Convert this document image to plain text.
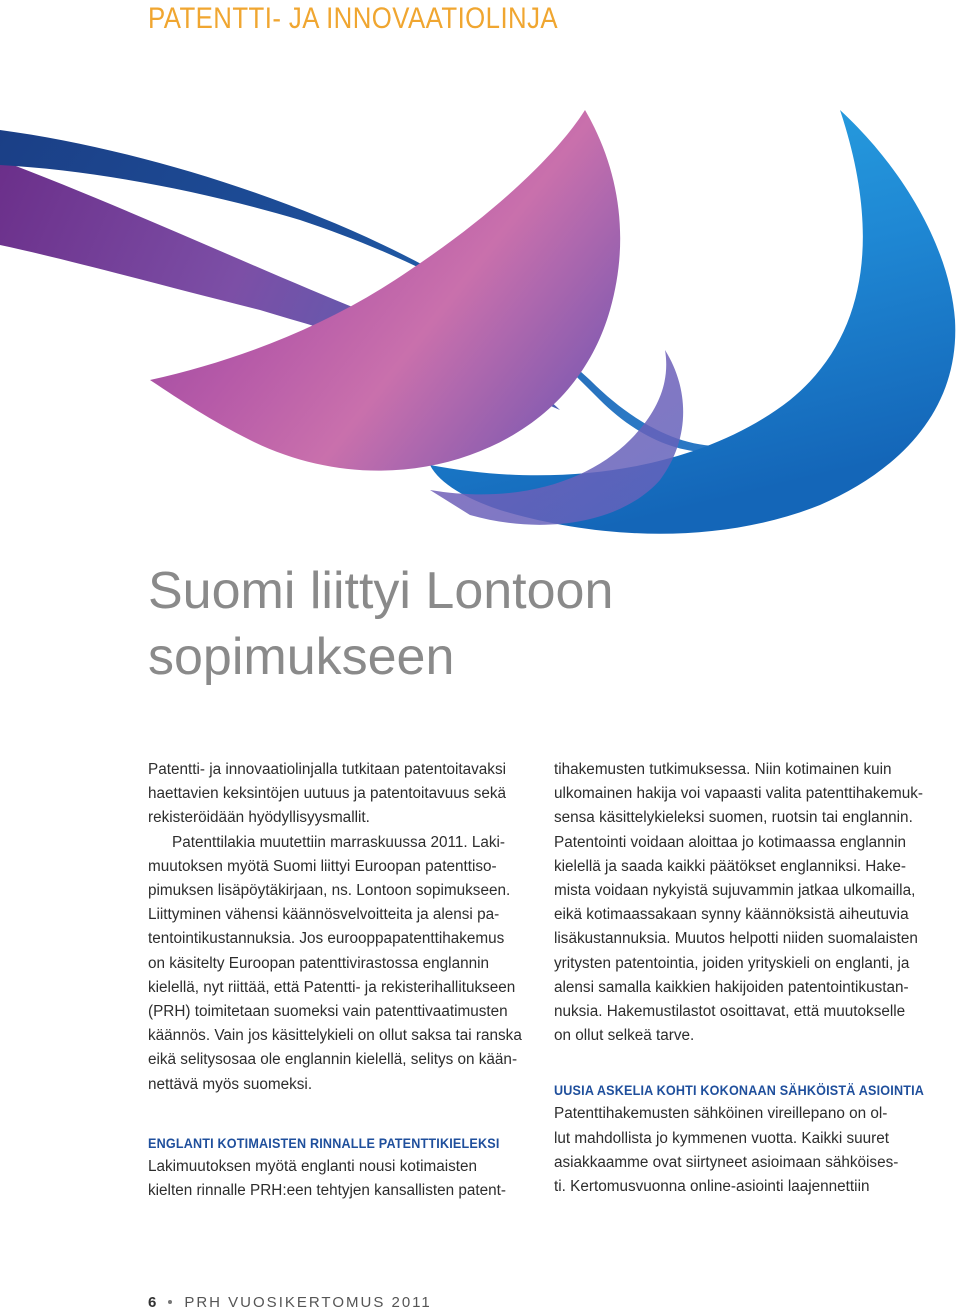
PATENTTI- JA INNOVAATIOLINJA
Suomi liittyi Lontoon
sopimukseen

Patentti- ja innovaatiolinjalla tutkitaan patentoitavaksi
haettavien keksintöjen uutuus ja patentoitavuus sekä
rekisteröidään hyödyllisyysmallit.
Patenttilakia muutettiin marraskuussa 2011. Laki-
muutoksen myötä Suomi liittyi Euroopan patenttiso-
pimuksen lisäpöytäkirjaan, ns. Lontoon sopimukseen.
Liittyminen vähensi käännösvelvoitteita ja alensi pa-
tentointikustannuksia. Jos eurooppapatenttihakemus
on käsitelty Euroopan patenttivirastossa englannin
kielellä, nyt riittää, että Patentti- ja rekisterihallitukseen
(PRH) toimitetaan suomeksi vain patenttivaatimusten
käännös. Vain jos käsittelykieli on ollut saksa tai ranska
eikä selitysosaa ole englannin kielellä, selitys on kään-
nettävä myös suomeksi.

ENGLANTI KOTIMAISTEN RINNALLE PATENTTIKIELEKSI

Lakimuutoksen myötä englanti nousi kotimaisten
kielten rinnalle PRH:een tehtyjen kansallisten patent-

tihakemusten tutkimuksessa. Niin kotimainen kuin
ulkomainen hakija voi vapaasti valita patenttihakemuk-
sensa käsittelykieleksi suomen, ruotsin tai englannin.
Patentointi voidaan aloittaa jo kotimaassa englannin
kielellä ja saada kaikki päätökset englanniksi. Hake-
mista voidaan nykyistä sujuvammin jatkaa ulkomailla,
eikä kotimaassakaan synny käännöksistä aiheutuvia
lisäkustannuksia. Muutos helpotti niiden suomalaisten
yritysten patentointia, joiden yrityskieli on englanti, ja
alensi samalla kaikkien hakijoiden patentointikustan-
nuksia. Hakemustilastot osoittavat, että muutokselle
on ollut selkeä tarve.

UUSIA ASKELIA KOHTI KOKONAAN SÄHKÖISTÄ ASIOINTIA

Patenttihakemusten sähköinen vireillepano on ol-
lut mahdollista jo kymmenen vuotta. Kaikki suuret
asiakkaamme ovat siirtyneet asioimaan sähköises-
ti. Kertomusvuonna online-asiointi laajennettiin

6 PRH VUOSIKERTOMUS 2011
